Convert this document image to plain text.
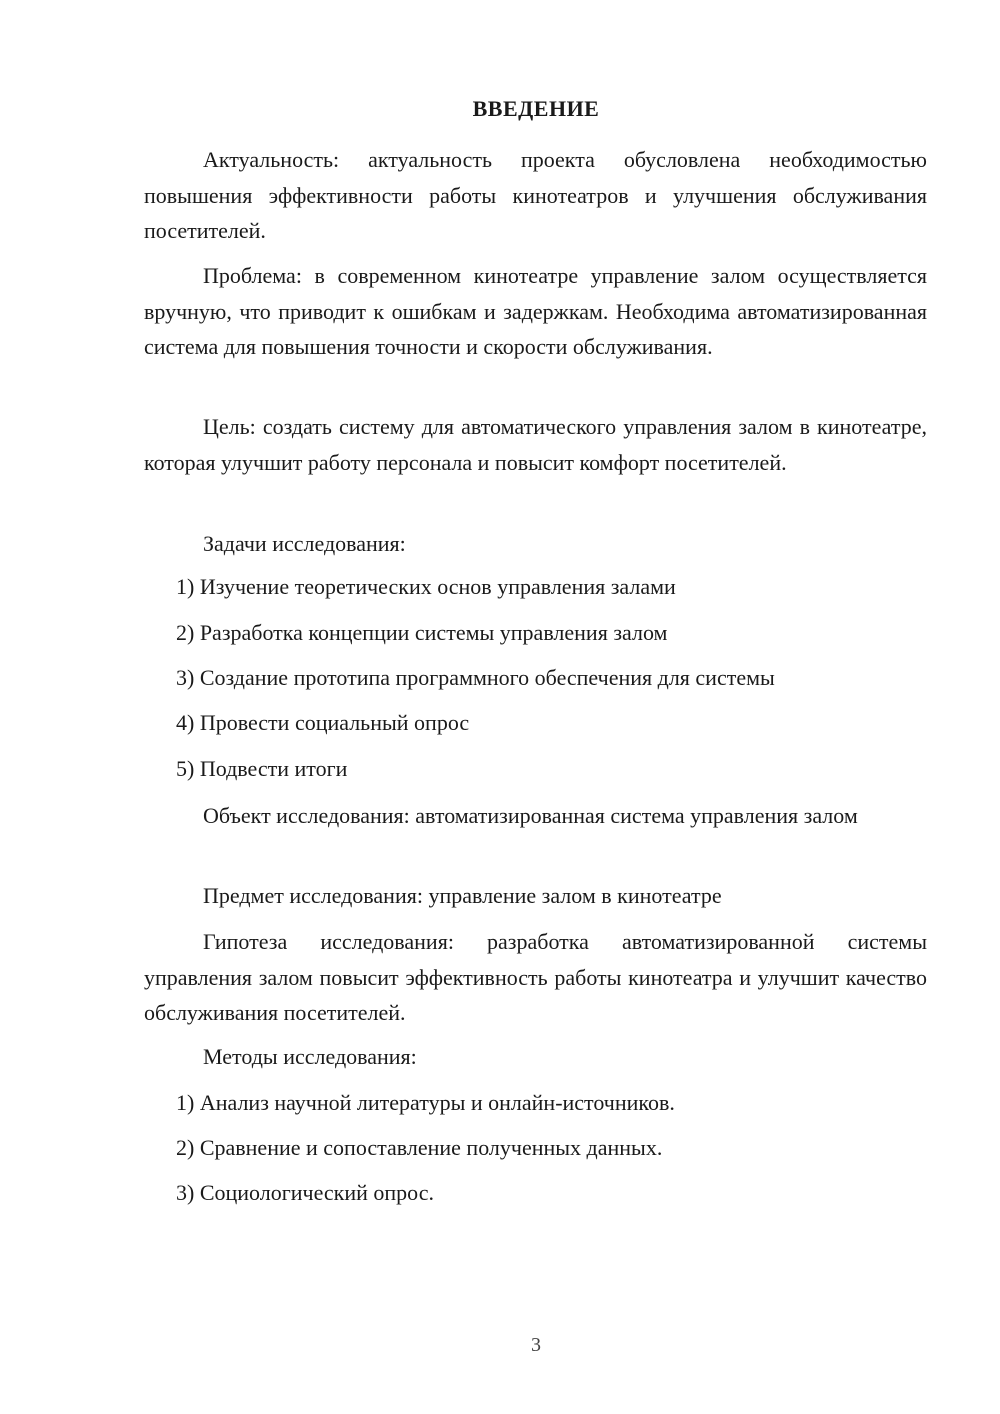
ВВЕДЕНИЕ

Актуальность: актуальность проекта обусловлена необходимостью повышения эффективности работы кинотеатров и улучшения обслуживания посетителей.

Проблема: в современном кинотеатре управление залом осуществляется вручную, что приводит к ошибкам и задержкам. Необходима автоматизированная система для повышения точности и скорости обслуживания.

Цель: создать систему для автоматического управления залом в кинотеатре, которая улучшит работу персонала и повысит комфорт посетителей.

Задачи исследования:

1) Изучение теоретических основ управления залами
2) Разработка концепции системы управления залом
3) Создание прототипа программного обеспечения для системы
4) Провести социальный опрос
5) Подвести итоги

Объект исследования: автоматизированная система управления залом

Предмет исследования: управление залом в кинотеатре

Гипотеза исследования: разработка автоматизированной системы управления залом повысит эффективность работы кинотеатра и улучшит качество обслуживания посетителей.

Методы исследования:

1) Анализ научной литературы и онлайн-источников.
2) Сравнение и сопоставление полученных данных.
3) Социологический опрос.
3
